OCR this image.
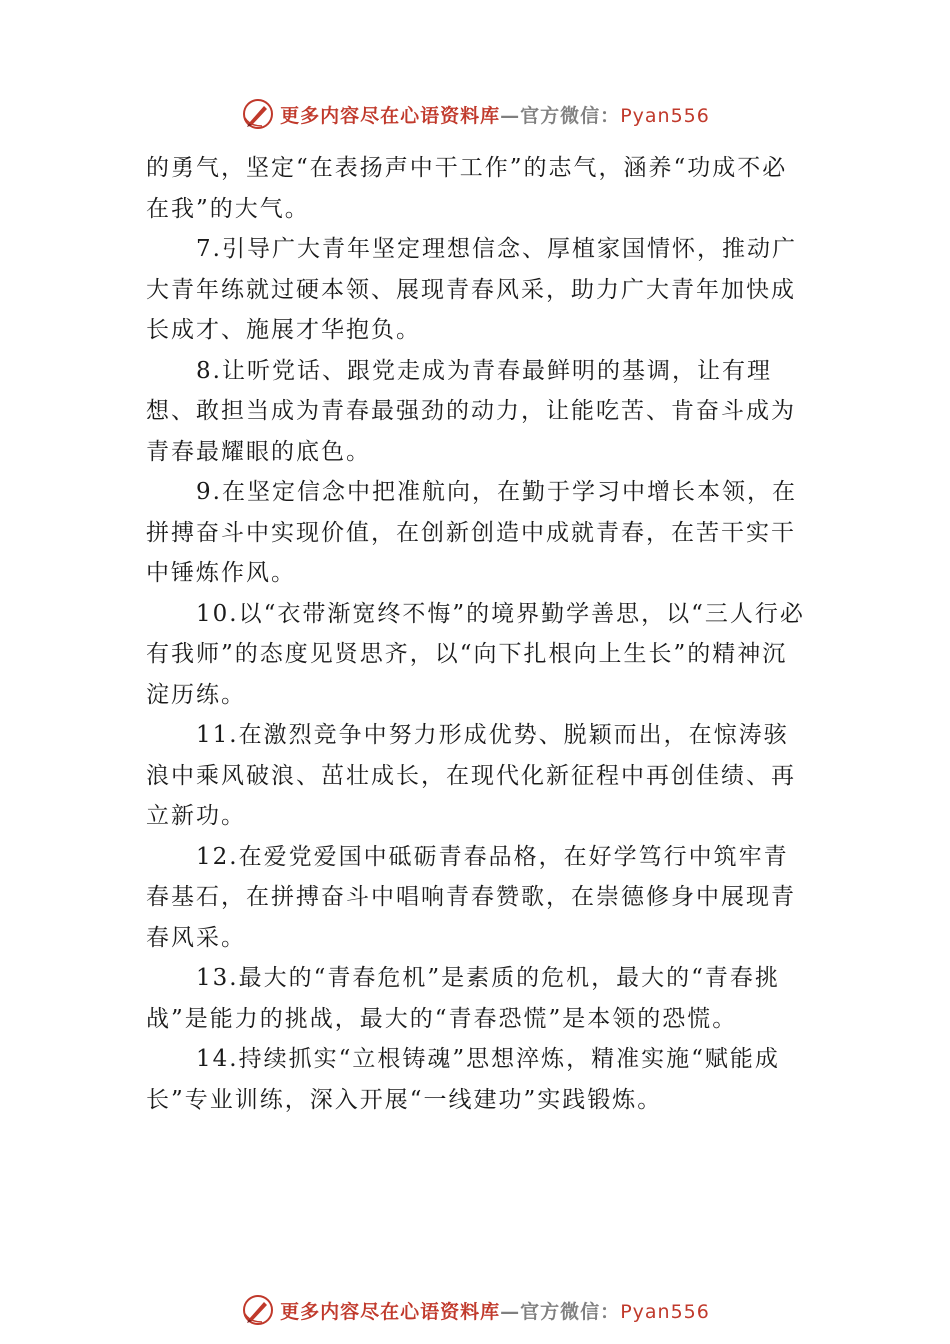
更多内容尽在心语资料库—官方微信：Pyan556

的勇气，坚定“在表扬声中干工作”的志气，涵养“功成不必在我”的大气。

7.引导广大青年坚定理想信念、厚植家国情怀，推动广大青年练就过硬本领、展现青春风采，助力广大青年加快成长成才、施展才华抱负。

8.让听党话、跟党走成为青春最鲜明的基调，让有理想、敢担当成为青春最强劲的动力，让能吃苦、肯奋斗成为青春最耀眼的底色。

9.在坚定信念中把准航向，在勤于学习中增长本领，在拼搏奋斗中实现价值，在创新创造中成就青春，在苦干实干中锤炼作风。

10.以“衣带渐宽终不悔”的境界勤学善思，以“三人行必有我师”的态度见贤思齐，以“向下扎根向上生长”的精神沉淀历练。

11.在激烈竞争中努力形成优势、脱颖而出，在惊涛骇浪中乘风破浪、茁壮成长，在现代化新征程中再创佳绩、再立新功。

12.在爱党爱国中砥砺青春品格，在好学笃行中筑牢青春基石，在拼搏奋斗中唱响青春赞歌，在崇德修身中展现青春风采。

13.最大的“青春危机”是素质的危机，最大的“青春挑战”是能力的挑战，最大的“青春恐慌”是本领的恐慌。

14.持续抓实“立根铸魂”思想淬炼，精准实施“赋能成长”专业训练，深入开展“一线建功”实践锻炼。

更多内容尽在心语资料库—官方微信：Pyan556
